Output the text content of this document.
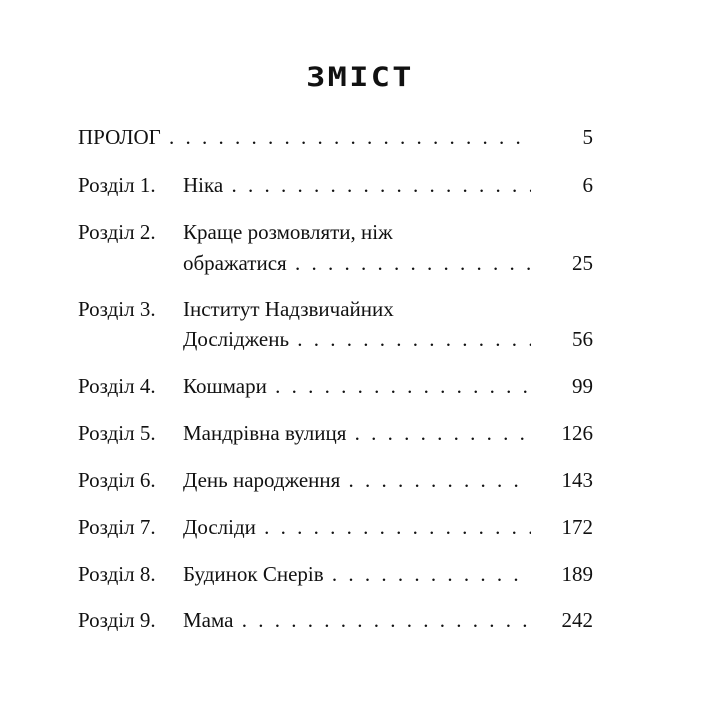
ЗМІСТ
ПРОЛОГ . . .	5
Розділ 1. Ніка . . .	6
Розділ 2. Краще розмовляти, ніж
ображатися . . .	25
Розділ 3. Інститут Надзвичайних
Досліджень . . .	56
Розділ 4. Кошмари . . .	99
Розділ 5. Мандрівна вулиця . . .	126
Розділ 6. День народження . . .	143
Розділ 7. Досліди . . .	172
Розділ 8. Будинок Снерів . . .	189
Розділ 9. Мама . . .	242
